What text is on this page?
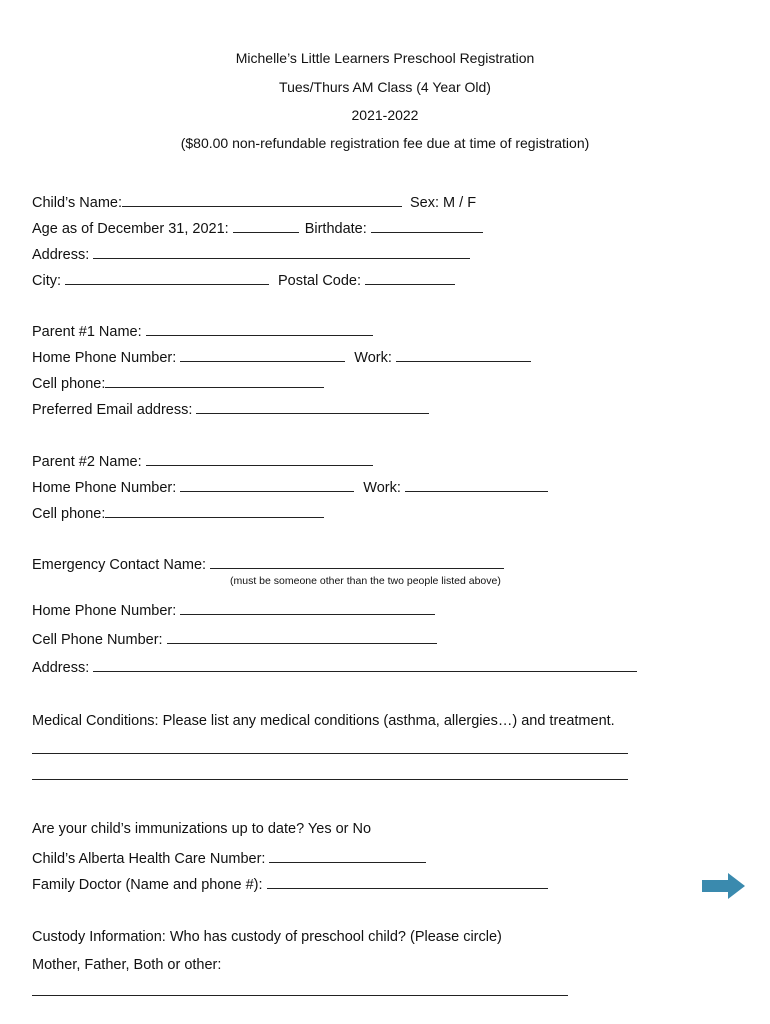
Michelle’s Little Learners Preschool Registration
Tues/Thurs AM Class (4 Year Old)
2021-2022
($80.00 non-refundable registration fee due at time of registration)
Child’s Name:	Sex: M / F
Age as of December 31, 2021:	Birthdate:
Address:
City:	Postal Code:
Parent #1 Name:
Home Phone Number:	Work:
Cell phone:
Preferred Email address:
Parent #2 Name:
Home Phone Number:	Work:
Cell phone:
Emergency Contact Name:
(must be someone other than the two people listed above)
Home Phone Number:
Cell Phone Number:
Address:
Medical Conditions: Please list any medical conditions (asthma, allergies…) and treatment.
Are your child’s immunizations up to date? Yes or No
Child’s Alberta Health Care Number:
Family Doctor (Name and phone #):
Custody Information: Who has custody of preschool child? (Please circle)
Mother, Father, Both or other:
